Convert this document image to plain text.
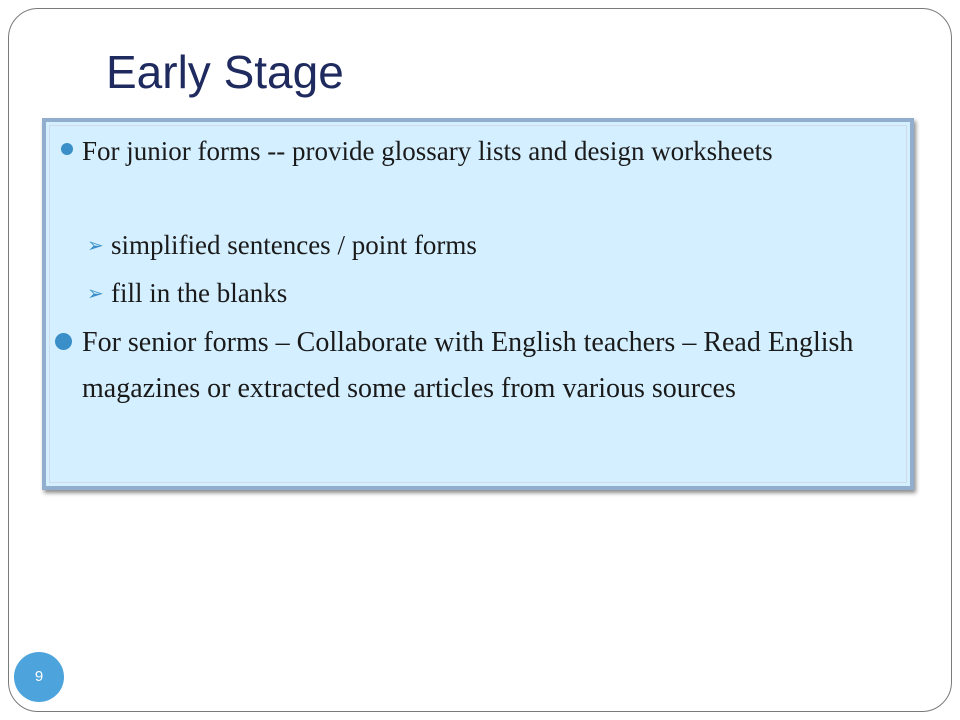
Early Stage

For junior forms -- provide glossary lists and design worksheets

➢ simplified sentences / point forms
➢ fill in the blanks

For senior forms – Collaborate with English teachers – Read English magazines or extracted some articles from various sources

9
